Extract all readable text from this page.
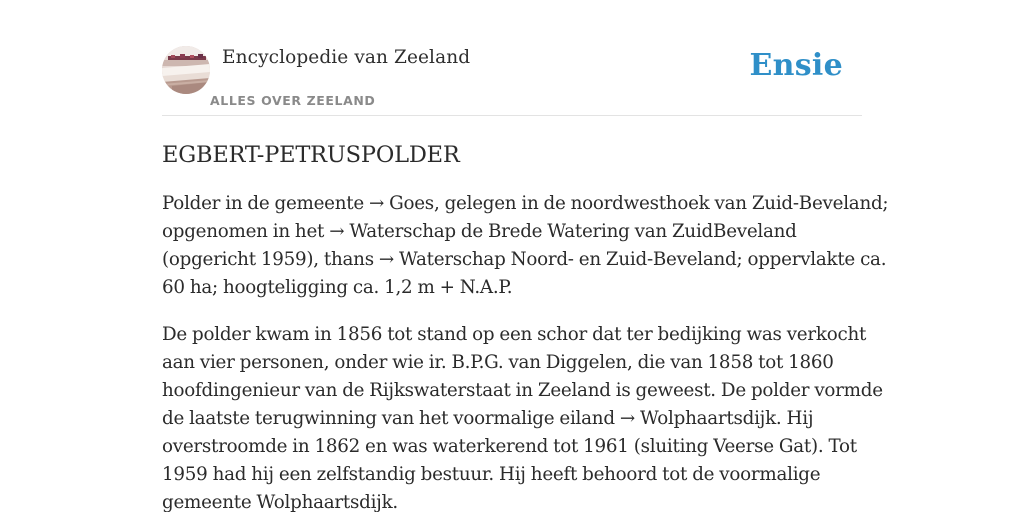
Encyclopedie van Zeeland
ALLES OVER ZEELAND
Ensie
EGBERT-PETRUSPOLDER

Polder in de gemeente → Goes, gelegen in de noordwesthoek van Zuid-Beveland;
opgenomen in het → Waterschap de Brede Watering van ZuidBeveland
(opgericht 1959), thans → Waterschap Noord- en Zuid-Beveland; oppervlakte ca.
60 ha; hoogteligging ca. 1,2 m + N.A.P.

De polder kwam in 1856 tot stand op een schor dat ter bedijking was verkocht
aan vier personen, onder wie ir. B.P.G. van Diggelen, die van 1858 tot 1860
hoofdingenieur van de Rijkswaterstaat in Zeeland is geweest. De polder vormde
de laatste terugwinning van het voormalige eiland → Wolphaartsdijk. Hij
overstroomde in 1862 en was waterkerend tot 1961 (sluiting Veerse Gat). Tot
1959 had hij een zelfstandig bestuur. Hij heeft behoord tot de voormalige
gemeente Wolphaartsdijk.
